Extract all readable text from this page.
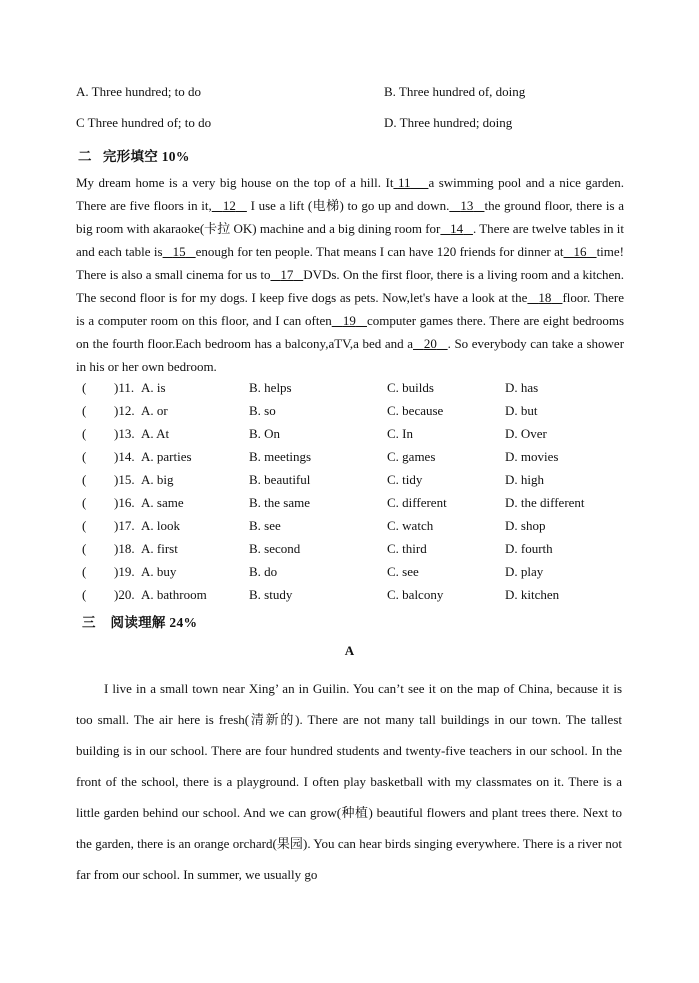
A. Three hundred; to do	B. Three hundred of, doing
C Three hundred of; to do	D. Three hundred; doing
二 完形填空 10%

My dream home is a very big house on the top of a hill. It 11 a swimming pool and a nice garden. There are five floors in it, 12 I use a lift (电梯) to go up and down. 13 the ground floor, there is a big room with akaraoke(卡拉 OK) machine and a big dining room for 14 . There are twelve tables in it and each table is 15 enough for ten people. That means I can have 120 friends for dinner at 16 time! There is also a small cinema for us to 17 DVDs. On the first floor, there is a living room and a kitchen. The second floor is for my dogs. I keep five dogs as pets. Now,let's have a look at the 18 floor. There is a computer room on this floor, and I can often 19 computer games there. There are eight bedrooms on the fourth floor.Each bedroom has a balcony,aTV,a bed and a 20 . So everybody can take a shower in his or her own bedroom.

( )11. A. is	B. helps	C. builds	D. has
( )12. A. or	B. so	C. because	D. but
( )13. A. At	B. On	C. In	D. Over
( )14. A. parties	B. meetings	C. games	D. movies
( )15. A. big	B. beautiful	C. tidy	D. high
( )16. A. same	B. the same	C. different	D. the different
( )17. A. look	B. see	C. watch	D. shop
( )18. A. first	B. second	C. third	D. fourth
( )19. A. buy	B. do	C. see	D. play
( )20. A. bathroom	B. study	C. balcony	D. kitchen
三 阅读理解 24%
A

I live in a small town near Xing’ an in Guilin. You can’t see it on the map of China, because it is too small. The air here is fresh(清新的). There are not many tall buildings in our town. The tallest building is in our school. There are four hundred students and twenty-five teachers in our school. In the front of the school, there is a playground. I often play basketball with my classmates on it. There is a little garden behind our school. And we can grow(种植) beautiful flowers and plant trees there. Next to the garden, there is an orange orchard(果园). You can hear birds singing everywhere. There is a river not far from our school. In summer, we usually go
